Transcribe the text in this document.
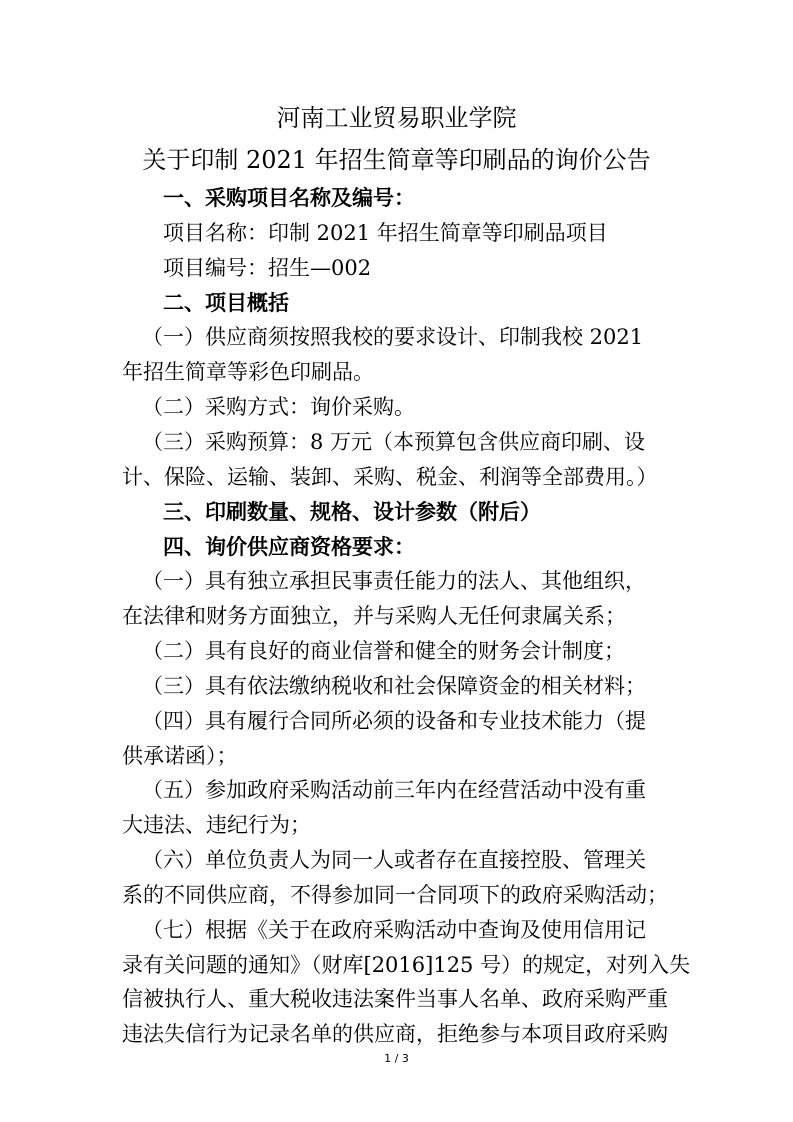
河南工业贸易职业学院
关于印制 2021 年招生简章等印刷品的询价公告
一、采购项目名称及编号：
项目名称：印制 2021 年招生简章等印刷品项目
项目编号：招生—002
二、项目概括
（一）供应商须按照我校的要求设计、印制我校 2021
年招生简章等彩色印刷品。
（二）采购方式：询价采购。
（三）采购预算：8 万元（本预算包含供应商印刷、设
计、保险、运输、装卸、采购、税金、利润等全部费用。）
三、印刷数量、规格、设计参数（附后）
四、询价供应商资格要求：
（一）具有独立承担民事责任能力的法人、其他组织，
在法律和财务方面独立，并与采购人无任何隶属关系；
（二）具有良好的商业信誉和健全的财务会计制度；
（三）具有依法缴纳税收和社会保障资金的相关材料；
（四）具有履行合同所必须的设备和专业技术能力（提
供承诺函）；
（五）参加政府采购活动前三年内在经营活动中没有重
大违法、违纪行为；
（六）单位负责人为同一人或者存在直接控股、管理关
系的不同供应商，不得参加同一合同项下的政府采购活动；
（七）根据《关于在政府采购活动中查询及使用信用记
录有关问题的通知》（财库[2016]125 号）的规定，对列入失
信被执行人、重大税收违法案件当事人名单、政府采购严重
违法失信行为记录名单的供应商，拒绝参与本项目政府采购
1 / 3
